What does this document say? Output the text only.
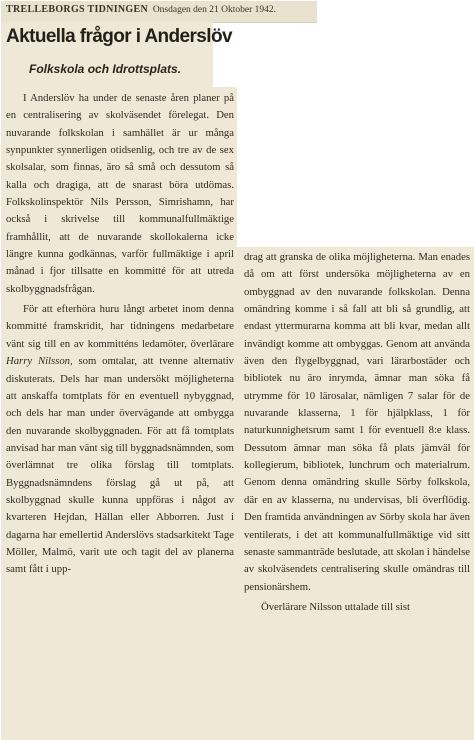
TRELLEBORGS TIDNINGEN Onsdagen den 21 Oktober 1942.
Aktuella frågor i Anderslöv
Folkskola och Idrottsplats.

I Anderslöv ha under de senaste åren planer på en centralisering av skolväsendet förelegat. Den nuvarande folkskolan i samhället är ur många synpunkter synnerligen otidsenlig, och tre av de sex skolsalar, som finnas, äro så små och dessutom så kalla och dragiga, att de snarast böra utdömas. Folkskolinspektör Nils Persson, Simrishamn, har också i skrivelse till kommunalfullmäktige framhållit, att de nuvarande skollokalerna icke längre kunna godkännas, varför fullmäktige i april månad i fjor tillsatte en kommitté för att utreda skolbyggnadsfrågan.

För att efterhöra huru långt arbetet inom denna kommitté framskridit, har tidningens medarbetare vänt sig till en av kommitténs ledamöter, överlärare Harry Nilsson, som omtalar, att tvenne alternativ diskuterats. Dels har man undersökt möjligheterna att anskaffa tomtplats för en eventuell nybyggnad, och dels har man under övervägande att ombygga den nuvarande skolbyggnaden. För att få tomtplats anvisad har man vänt sig till byggnadsnämnden, som överlämnat tre olika förslag till tomtplats. Byggnadsnämndens förslag gå ut på, att skolbyggnad skulle kunna uppföras i något av kvarteren Hejdan, Hällan eller Abborren. Just i dagarna har emellertid Anderslövs stadsarkitekt Tage Möller, Malmö, varit ute och tagit del av planerna samt fått i upp-

drag att granska de olika möjligheterna. Man enades då om att först undersöka möjligheterna av en ombyggnad av den nuvarande folkskolan. Denna omändring komme i så fall att bli så grundlig, att endast yttermurarna komma att bli kvar, medan allt invändigt komme att ombyggas. Genom att använda även den flygelbyggnad, vari lärarbostäder och bibliotek nu äro inrymda, ämnar man söka få utrymme för 10 lärosalar, nämligen 7 salar för de nuvarande klasserna, 1 för hjälpklass, 1 för naturkunnighetsrum samt 1 för eventuell 8:e klass. Dessutom ämnar man söka få plats jämväl för kollegierum, bibliotek, lunchrum och materialrum. Genom denna omändring skulle Sörby folkskola, där en av klasserna, nu undervisas, bli överflödig. Den framtida användningen av Sörby skola har även ventilerats, i det att kommunalfullmäktige vid sitt senaste sammanträde beslutade, att skolan i händelse av skolväsendets centralisering skulle omändras till pensionärshem.

Överlärare Nilsson uttalade till sist
